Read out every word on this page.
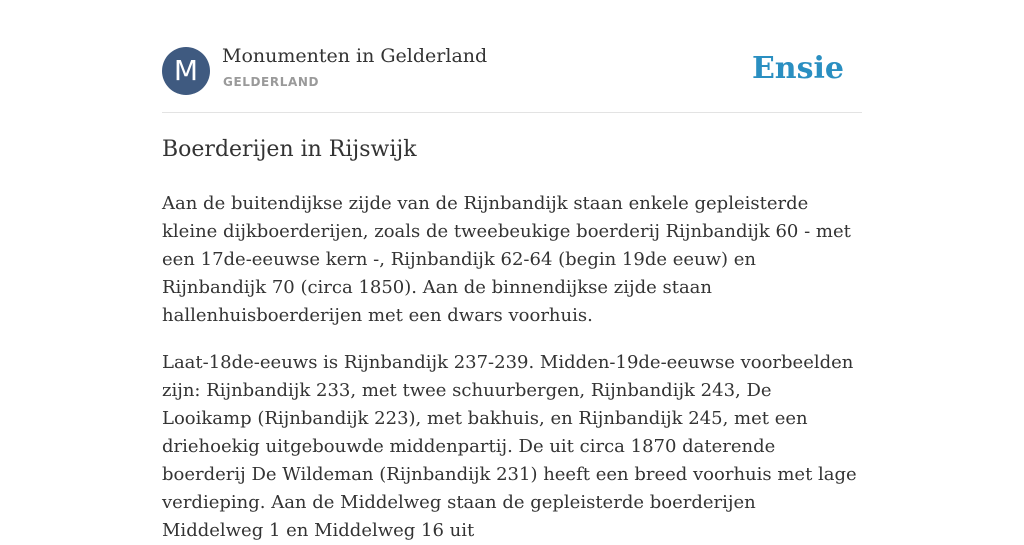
M	Monumenten in Gelderland
GELDERLAND	Ensie
Boerderijen in Rijswijk

Aan de buitendijkse zijde van de Rijnbandijk staan enkele gepleisterde kleine dijkboerderijen, zoals de tweebeukige boerderij Rijnbandijk 60 - met een 17de-eeuwse kern -, Rijnbandijk 62-64 (begin 19de eeuw) en Rijnbandijk 70 (circa 1850). Aan de binnendijkse zijde staan hallenhuisboerderijen met een dwars voorhuis.

Laat-18de-eeuws is Rijnbandijk 237-239. Midden-19de-eeuwse voorbeelden zijn: Rijnbandijk 233, met twee schuurbergen, Rijnbandijk 243, De Looikamp (Rijnbandijk 223), met bakhuis, en Rijnbandijk 245, met een driehoekig uitgebouwde middenpartij. De uit circa 1870 daterende boerderij De Wildeman (Rijnbandijk 231) heeft een breed voorhuis met lage verdieping. Aan de Middelweg staan de gepleisterde boerderijen Middelweg 1 en Middelweg 16 uit
